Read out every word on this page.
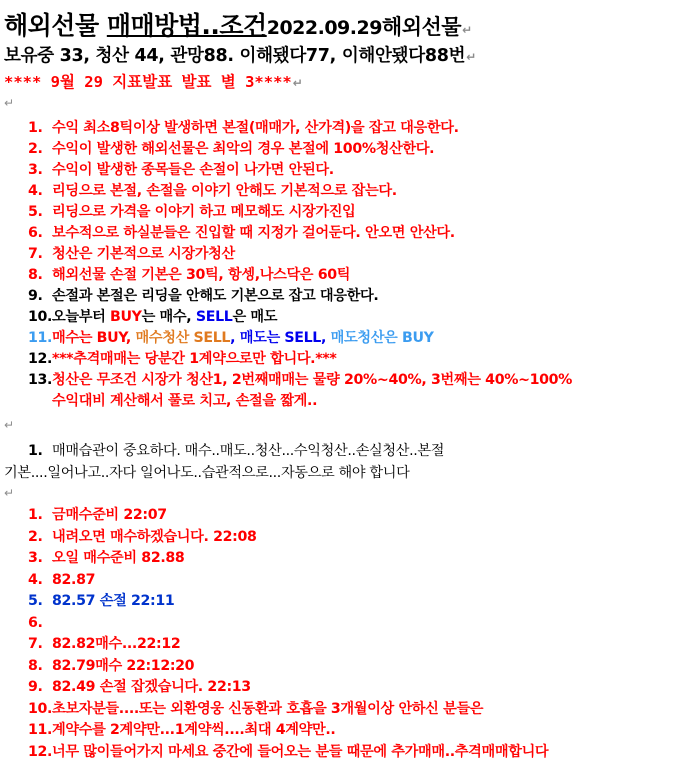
해외선물 매매방법..조건2022.09.29해외선물↵
보유중 33, 청산 44, 관망88. 이해됐다77, 이해안됐다88번↵
**** 9월 29 지표발표 발표 별 3****↵
↵
1. 수익 최소8틱이상 발생하면 본절(매매가, 산가격)을 잡고 대응한다.
2. 수익이 발생한 해외선물은 최악의 경우 본절에 100%청산한다.
3. 수익이 발생한 종목들은 손절이 나가면 안된다.
4. 리딩으로 본절, 손절을 이야기 안해도 기본적으로 잡는다.
5. 리딩으로 가격을 이야기 하고 메모해도 시장가진입
6. 보수적으로 하실분들은 진입할 때 지정가 걸어둔다. 안오면 안산다.
7. 청산은 기본적으로 시장가청산
8. 해외선물 손절 기본은 30틱, 항셍,나스닥은 60틱
9. 손절과 본절은 리딩을 안해도 기본으로 잡고 대응한다.
10. 오늘부터 BUY는 매수, SELL은 매도
11. 매수는 BUY, 매수청산 SELL, 매도는 SELL, 매도청산은 BUY
12. ***추격매매는 당분간 1계약으로만 합니다.***
13. 청산은 무조건 시장가 청산1, 2번째매매는 물량 20%~40%, 3번째는 40%~100%
수익대비 계산해서 풀로 치고, 손절을 짧게..
↵
1. 매매습관이 중요하다. 매수..매도..청산...수익청산..손실청산..본절
기본....일어나고..자다 일어나도..습관적으로...자동으로 해야 합니다
↵
1. 금매수준비 22:07
2. 내려오면 매수하겠습니다. 22:08
3. 오일 매수준비 82.88
4. 82.87
5. 82.57 손절 22:11
6.
7. 82.82매수...22:12
8. 82.79매수 22:12:20
9. 82.49 손절 잡겠습니다. 22:13
10. 초보자분들....또는 외환영웅 신동환과 호흡을 3개월이상 안하신 분들은
11. 계약수를 2계약만...1계약씩....최대 4계약만..
12. 너무 많이들어가지 마세요 중간에 들어오는 분들 때문에 추가매매..추격매매합니다
